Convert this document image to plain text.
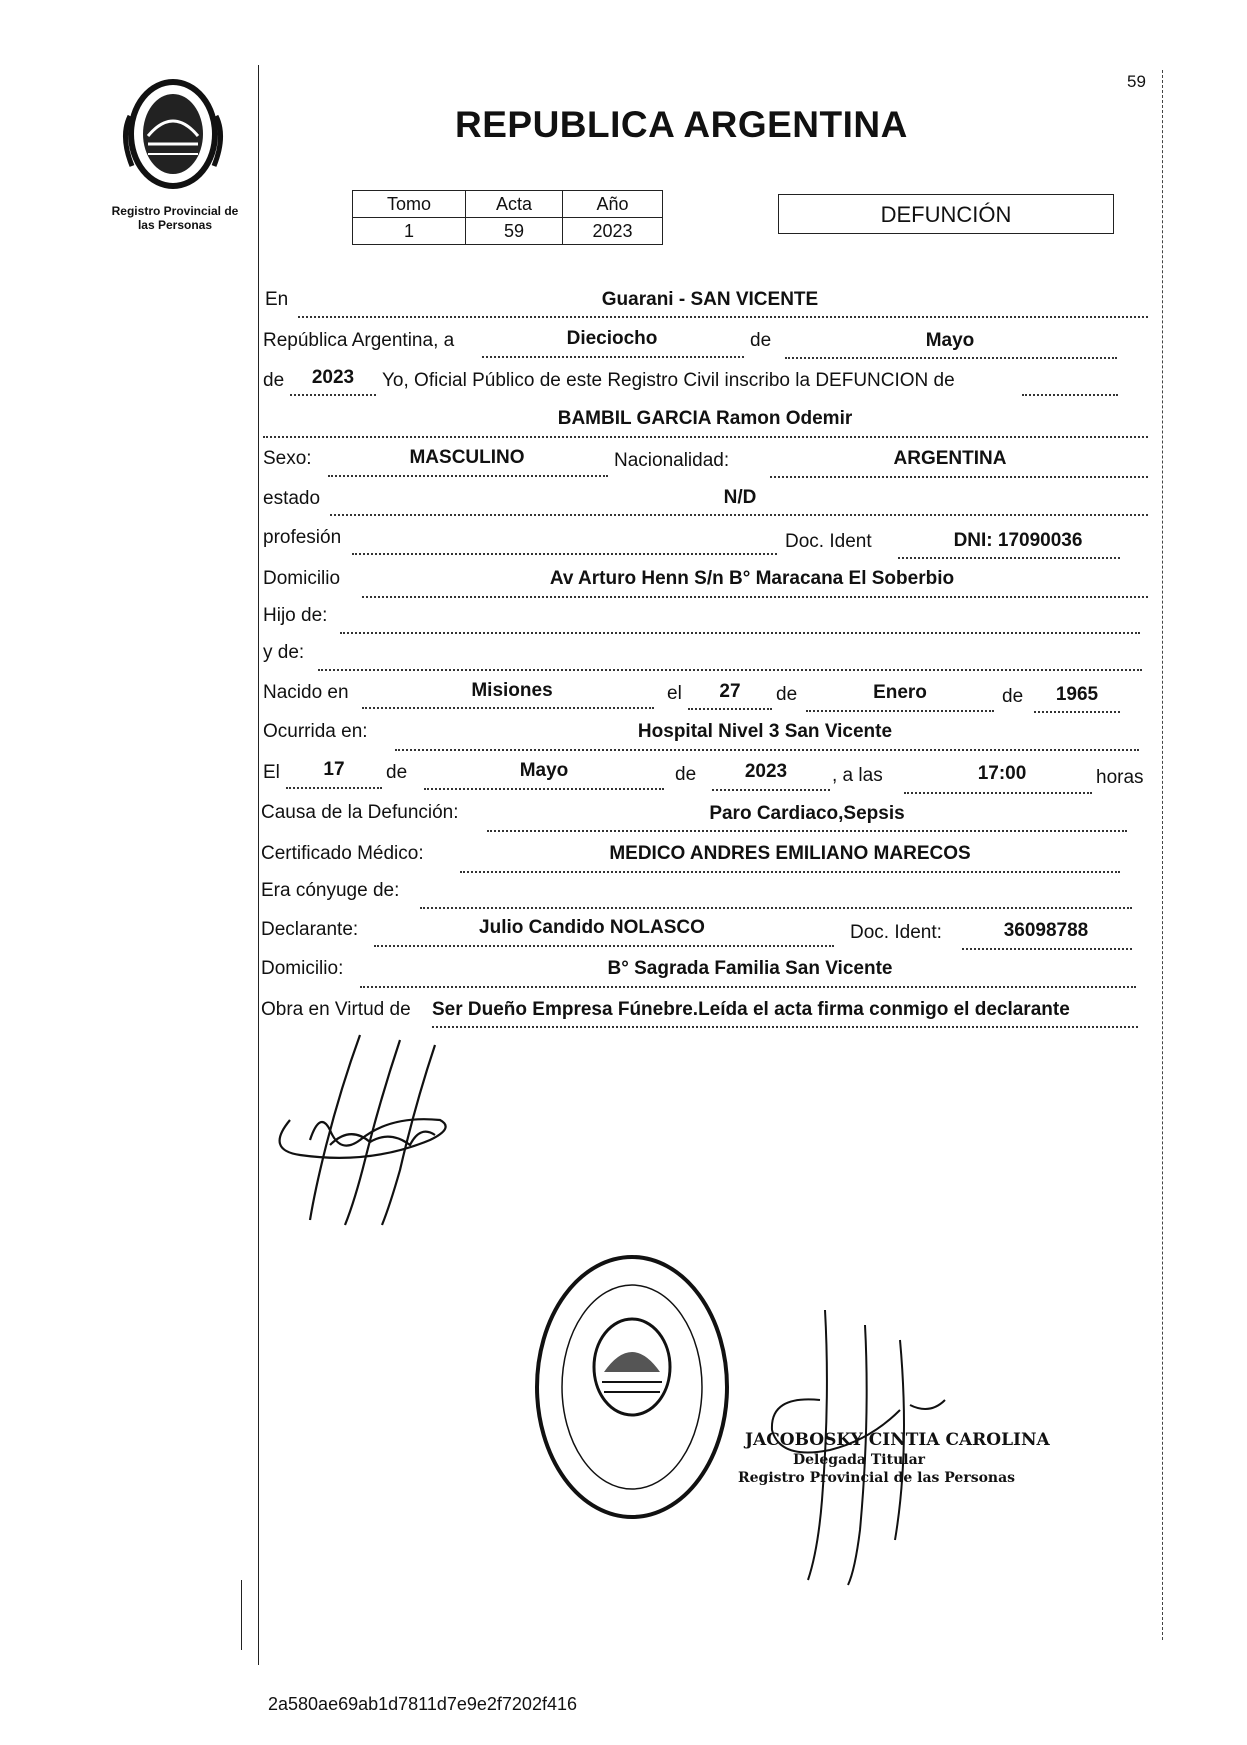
59
Registro Provincial de
las Personas
REPUBLICA ARGENTINA
Tomo	Acta	Año
1	59	2023
DEFUNCIÓN
En	Guarani - SAN VICENTE
República Argentina, a	Dieciocho	de	Mayo
de	2023	Yo, Oficial Público de este Registro Civil inscribo la DEFUNCION de
BAMBIL GARCIA Ramon Odemir
Sexo:	MASCULINO	Nacionalidad:	ARGENTINA
estado	N/D
profesión	Doc. Ident	DNI: 17090036
Domicilio	Av Arturo Henn S/n B° Maracana El Soberbio
Hijo de:
y de:
Nacido en	Misiones	el	27	de	Enero	de	1965
Ocurrida en:	Hospital Nivel 3 San Vicente
El	17	de	Mayo	de	2023	, a las	17:00	horas
Causa de la Defunción:	Paro Cardiaco,Sepsis
Certificado Médico:	MEDICO ANDRES EMILIANO MARECOS
Era cónyuge de:
Declarante:	Julio Candido NOLASCO	Doc. Ident:	36098788
Domicilio:	B° Sagrada Familia San Vicente
Obra en Virtud de Ser Dueño Empresa Fúnebre.Leída el acta firma conmigo el declarante
JACOBOSKY CINTIA CAROLINA
Delegada Titular
Registro Provincial de las Personas
2a580ae69ab1d7811d7e9e2f7202f416
